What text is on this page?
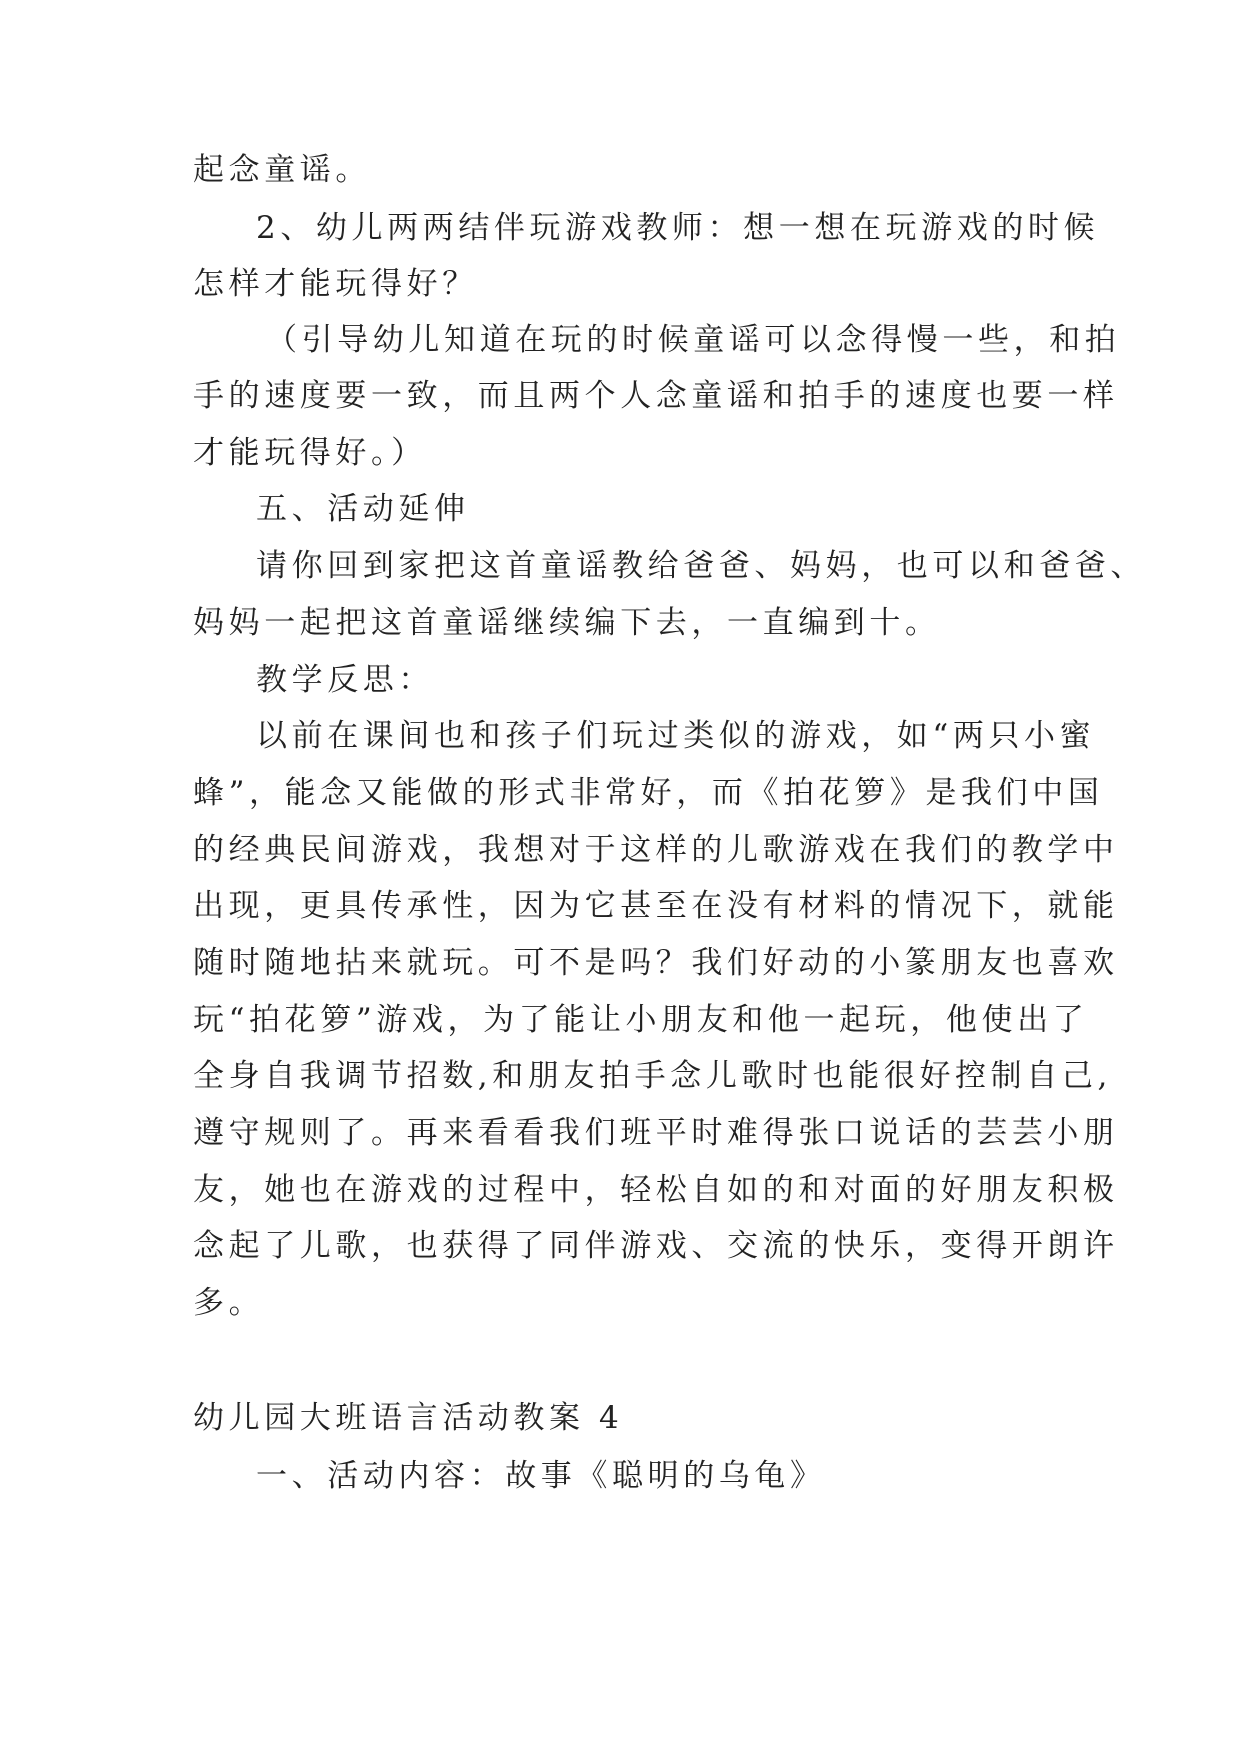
起念童谣。
2、幼儿两两结伴玩游戏教师：想一想在玩游戏的时候
怎样才能玩得好？
（引导幼儿知道在玩的时候童谣可以念得慢一些，和拍
手的速度要一致，而且两个人念童谣和拍手的速度也要一样
才能玩得好。）
五、活动延伸
请你回到家把这首童谣教给爸爸、妈妈，也可以和爸爸、
妈妈一起把这首童谣继续编下去，一直编到十。
教学反思：
以前在课间也和孩子们玩过类似的游戏，如“两只小蜜
蜂”，能念又能做的形式非常好，而《拍花箩》是我们中国
的经典民间游戏，我想对于这样的儿歌游戏在我们的教学中
出现，更具传承性，因为它甚至在没有材料的情况下，就能
随时随地拈来就玩。可不是吗？我们好动的小篆朋友也喜欢
玩“拍花箩”游戏，为了能让小朋友和他一起玩，他使出了
全身自我调节招数,和朋友拍手念儿歌时也能很好控制自己,
遵守规则了。再来看看我们班平时难得张口说话的芸芸小朋
友，她也在游戏的过程中，轻松自如的和对面的好朋友积极
念起了儿歌，也获得了同伴游戏、交流的快乐，变得开朗许
多。
幼儿园大班语言活动教案 4
一、活动内容：故事《聪明的乌龟》
